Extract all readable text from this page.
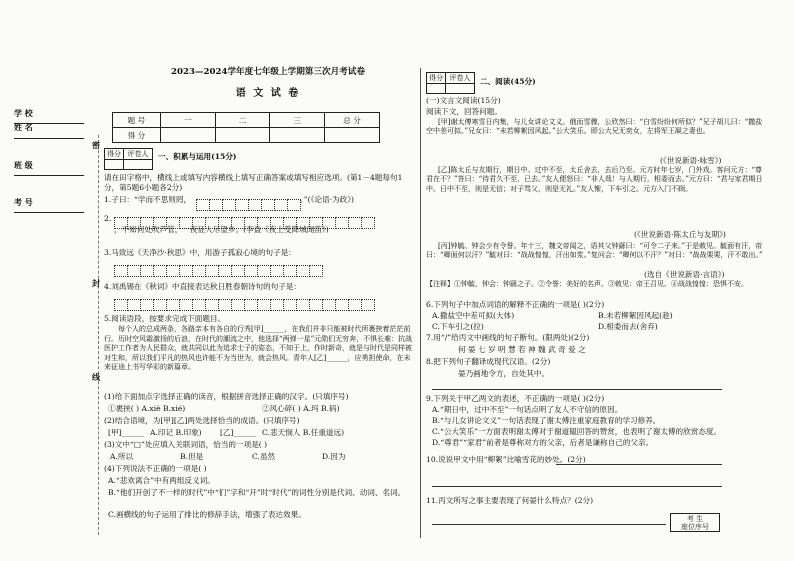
学 校
姓 名
班 级
考 号
密
封
线
2023—2024学年度七年级上学期第三次月考试卷
语 文 试 卷
题 号	一	二	三	总 分
得 分				
得分	评卷人
	一、积累与运用(15分)
请在田字格中，横线上或填写内容横线上填写正确答案或填写相应选项。(第1－4题每句1分，第5题6小题各2分)
1.子曰：“学而不思则罔，	。”(《论语·为政》)
2.
，不知何处吹芦管，一夜征人尽望乡。(李益《夜上受降城闻笛》)
3.马致远《天净沙·秋思》中，用游子孤寂心境的句子是：
4.刘禹锡在《秋词》中直接表达秋日胜春朝诗句的句子是：
5.阅读语段，按要求完成下面题目。
每个人的总成两条，各路亲本有各自的行秀[甲]______，在我们并非只能被时代所裹挟着茫茫前行。历时空风霜激扬的后浪，在时代的潮流之中，他选择“两弹一星”元勋们无穷奔，不惧长难：抗战医护工作者为人民群众，就共同以此为追求士子的姿态，不知于上，作时新奇，就是与时代是同样被对生和，所以我们平凡的热风也许能不为当世为，就会热风。青年人[乙]______，应勇担使命，在未来征途上书写华彩的新篇章。
(1)给下面加点字选择正确的读音，根据拼音选择正确的汉字。(只填序号)
①裹挟( ) A.xiè B.xié)	②风心碎( ) A.玛 B.码)
(2)结合语境，为[甲][乙]两处选择恰当的成语。(只填序号)
[甲]______ A.印记 B.印象) [乙]______ C.悲天悯人 B.任重道远)
(3)文中“□”处应填入关联词语，恰当的一项是( )
A.所以	B.但是	C.虽然	D.因为
(4)下列说法不正确的一项是( )
A.“悲欢离合”中有两组反义词。
B.“他们开创了不一样的时代”中“们”字和“开”时“时代”的词性分别是代词、动词、名词。
C.画横线的句子运用了排比的修辞手法，增强了表达效果。
得分	评卷人
	二、阅读(45分)
(一)文言文阅读(15分)
阅读下文，回答问题。
[甲]谢太傅寒雪日内集，与儿女讲论文义。俄而雪骤，公欣然曰：“白雪纷纷何所似？”兄子胡儿曰：“撒盐空中差可拟。”兄女曰：“未若柳絮因风起。”公大笑乐。即公大兄无奕女，左将军王凝之妻也。
(《世说新语·咏雪》)
[乙]陈太丘与友期行，期日中。过中不至，太丘舍去，去后乃至。元方时年七岁，门外戏。客问元方：“尊君在不？”答曰：“待君久不至，已去。”友人便怒曰：“非人哉！与人期行，相委而去。”元方曰：“君与家君期日中。日中不至，则是无信；对子骂父，则是无礼。”友人惭，下车引之。元方入门不顾。
(《世说新语·陈太丘与友期》)
[丙]钟毓、钟会少有令誉。年十三，魏文帝闻之，语其父钟繇曰：“可令二子来。”于是敕见。毓面有汗，帝曰：“卿面何以汗？”毓对曰：“战战惶惶，汗出如浆。”复问会：“卿何以不汗？”对曰：“战战栗栗，汗不敢出。”
(选自《世说新语·言语》)
【注释】①钟毓、钟会：钟繇之子。②令誉：美好的名声。③敕见：帝王召见。④战战惶惶：恐惧不安。
6.下列句子中加点词语的解释不正确的一项是( )(2分)
A.撒盐空中差可拟(大体)	B.未若柳絮因风起(趁)
C.下车引之(拉)	D.相委而去(舍弃)
7.用“/”给丙文中画线的句子断句。(限两处)(2分)
何 晏 七 岁 明 慧 若 神 魏 武 奇 爱 之
8.把下列句子翻译成现代汉语。(2分)
晏乃画地令方，自处其中。
9.下列关于甲乙两文的表述，不正确的一项是( )(2分)
A.“期日中，过中不至”一句话点明了友人不守信的原因。
B.“与儿女讲论文义”一句话表现了谢太傅注重家庭教育的学习修养。
C.“公大笑乐”一方面表明谢太傅对于谢道韫回答的赞赏，也表明了谢太傅的欣赏态度。
D.“尊君”“家君”前者是尊称对方的父亲，后者是谦称自己的父亲。
10.说说甲文中用“柳絮”比喻雪花的妙处。(2分)
11.丙文所写之事主要表现了何晏什么特点？(2分)
考 生
座位序号
